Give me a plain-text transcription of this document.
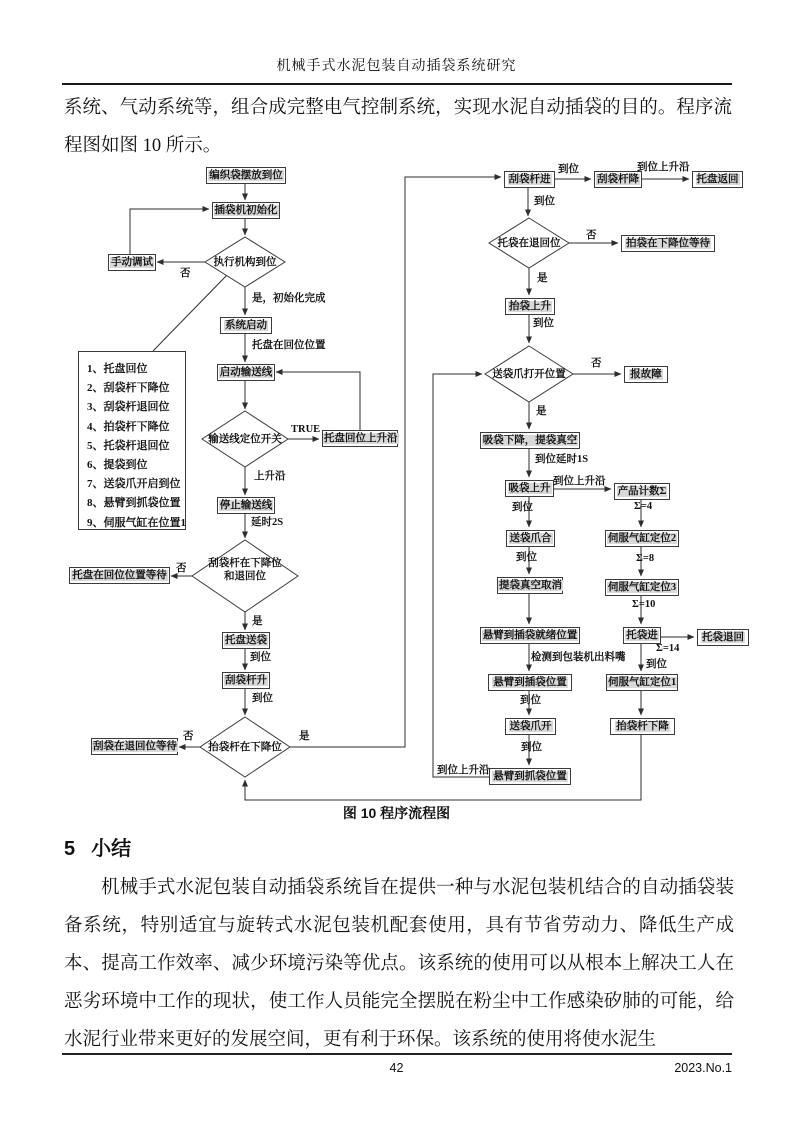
机械手式水泥包装自动插袋系统研究
系统、气动系统等，组合成完整电气控制系统，实现水泥自动插袋的目的。程序流程图如图 10 所示。
1、托盘回位
2、刮袋杆下降位
3、刮袋杆退回位
4、拍袋杆下降位
5、托袋杆退回位
6、提袋到位
7、送袋爪开启到位
8、悬臂到抓袋位置
9、伺服气缸在位置1
编织袋摆放到位
插袋机初始化
手动调试
系统启动
启动输送线
托盘回位上升沿
停止输送线
托盘在回位位置等待
托盘送袋
刮袋杆升
刮袋在退回位等待
刮袋杆进	刮袋杆降	托盘返回
拍袋在下降位等待
抬袋上升
报故障
吸袋下降，提袋真空
吸袋上升	产品计数Σ
送袋爪合	伺服气缸定位2
提袋真空取消	伺服气缸定位3
悬臂到插袋就绪位置	托袋进	托袋退回
悬臂到插袋位置	伺服气缸定位1
送袋爪开	抬袋杆下降
悬臂到抓袋位置
执行机构到位
输送线定位开关
刮袋杆在下降位和退回位
抬袋杆在下降位
托袋在退回位
送袋爪打开位置
否
是，初始化完成
托盘在回位位置
TRUE
上升沿
延时2S
否
是
到位
到位
否	是
到位	到位上升沿
到位
否
是
到位
否
是
到位延时1S
到位上升沿
到位	Σ=4
到位	Σ=8
Σ=10
检测到包装机出料嘴
Σ=14
到位
到位
到位
到位上升沿
图 10 程序流程图
5 小结
机械手式水泥包装自动插袋系统旨在提供一种与水泥包装机结合的自动插袋装备系统，特别适宜与旋转式水泥包装机配套使用，具有节省劳动力、降低生产成本、提高工作效率、减少环境污染等优点。该系统的使用可以从根本上解决工人在恶劣环境中工作的现状，使工作人员能完全摆脱在粉尘中工作感染矽肺的可能，给水泥行业带来更好的发展空间，更有利于环保。该系统的使用将使水泥生
42	2023.No.1
